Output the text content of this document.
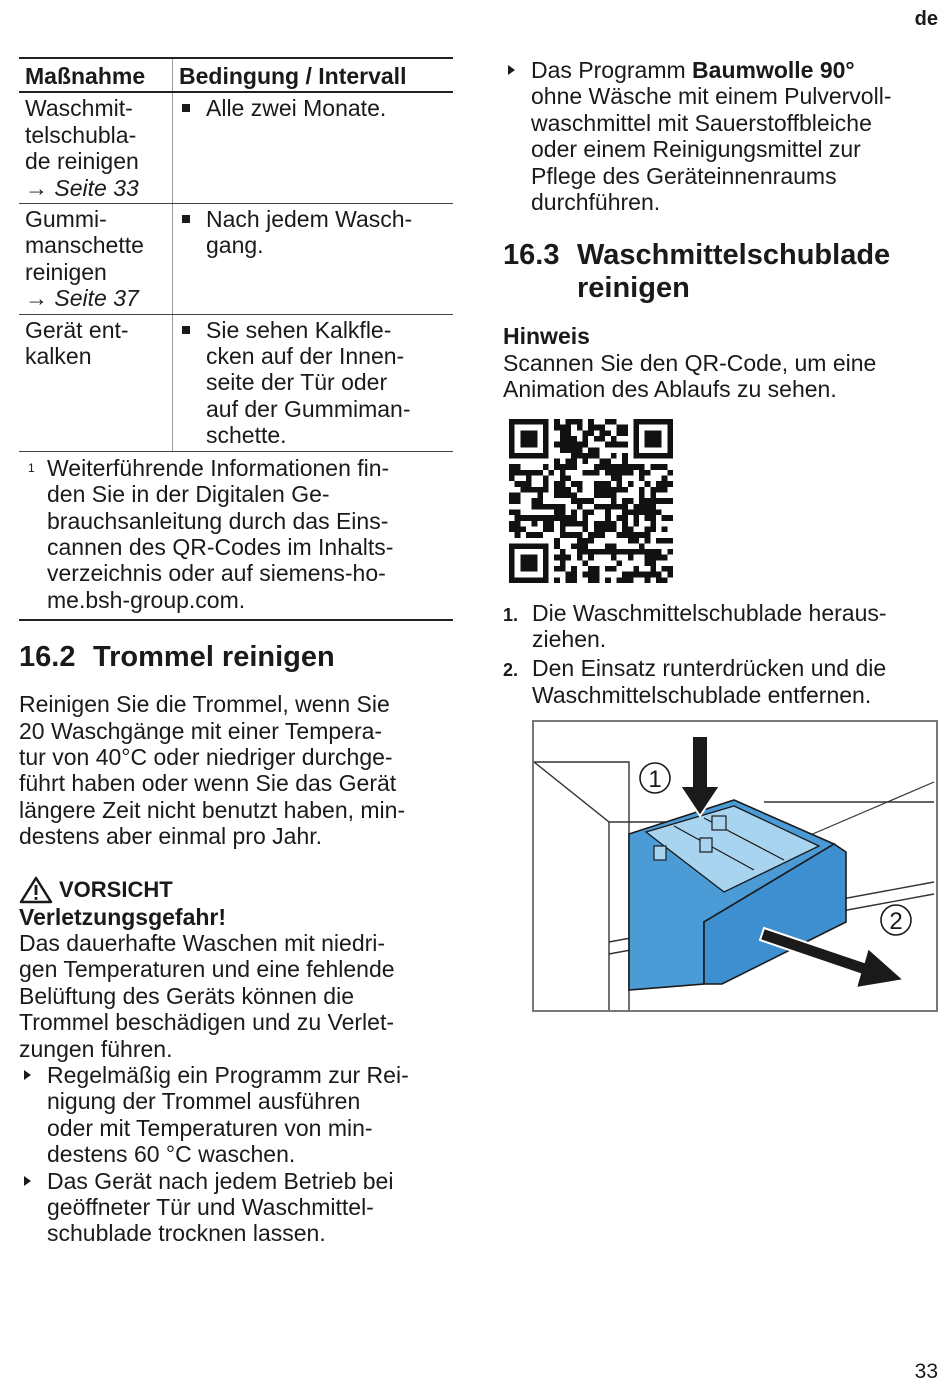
de
Maßnahme	Bedingung / Intervall

Waschmit-
telschubla-
de reinigen
→ Seite 33	Alle zwei Monate.

Gummi-
manschette
reinigen
→ Seite 37	Nach jedem Wasch-
gang.

Gerät ent-
kalken	Sie sehen Kalkfle-
cken auf der Innen-
seite der Tür oder
auf der Gummiman-
schette.
1 Weiterführende Informationen fin-
den Sie in der Digitalen Ge-
brauchsanleitung durch das Eins-
cannen des QR-Codes im Inhalts-
verzeichnis oder auf siemens-ho-
me.bsh-group.com.
16.2 Trommel reinigen
Reinigen Sie die Trommel, wenn Sie
20 Waschgänge mit einer Tempera-
tur von 40°C oder niedriger durchge-
führt haben oder wenn Sie das Gerät
längere Zeit nicht benutzt haben, min-
destens aber einmal pro Jahr.
VORSICHT
Verletzungsgefahr!
Das dauerhafte Waschen mit niedri-
gen Temperaturen und eine fehlende
Belüftung des Geräts können die
Trommel beschädigen und zu Verlet-
zungen führen.
Regelmäßig ein Programm zur Rei-
nigung der Trommel ausführen
oder mit Temperaturen von min-
destens 60 °C waschen.
Das Gerät nach jedem Betrieb bei
geöffneter Tür und Waschmittel-
schublade trocknen lassen.
Das Programm Baumwolle 90°
ohne Wäsche mit einem Pulvervoll-
waschmittel mit Sauerstoffbleiche
oder einem Reinigungsmittel zur
Pflege des Geräteinnenraums
durchführen.
16.3 Waschmittelschublade
reinigen
Hinweis
Scannen Sie den QR-Code, um eine
Animation des Ablaufs zu sehen.
1. Die Waschmittelschublade heraus-
ziehen.
2. Den Einsatz runterdrücken und die
Waschmittelschublade entfernen.
1
2
33
